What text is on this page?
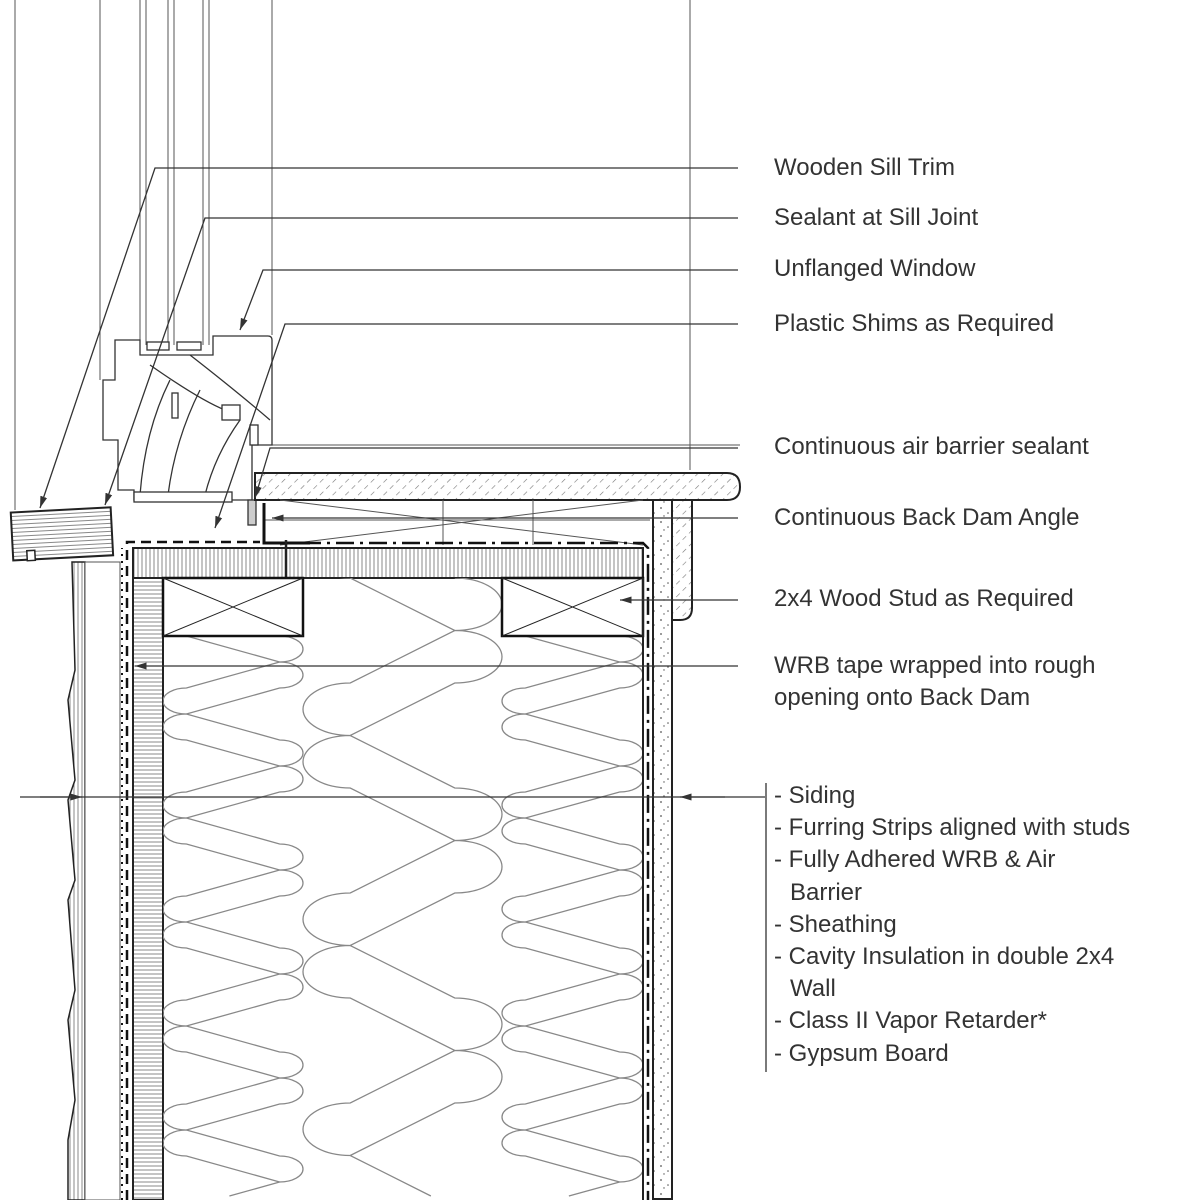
Wooden Sill Trim
Sealant at Sill Joint
Unflanged Window
Plastic Shims as Required
Continuous air barrier sealant
Continuous Back Dam Angle
2x4 Wood Stud as Required
WRB tape wrapped into rough
opening onto Back Dam
- Siding
- Furring Strips aligned with studs
- Fully Adhered WRB & Air
Barrier
- Sheathing
- Cavity Insulation in double 2x4
Wall
- Class II Vapor Retarder*
- Gypsum Board
